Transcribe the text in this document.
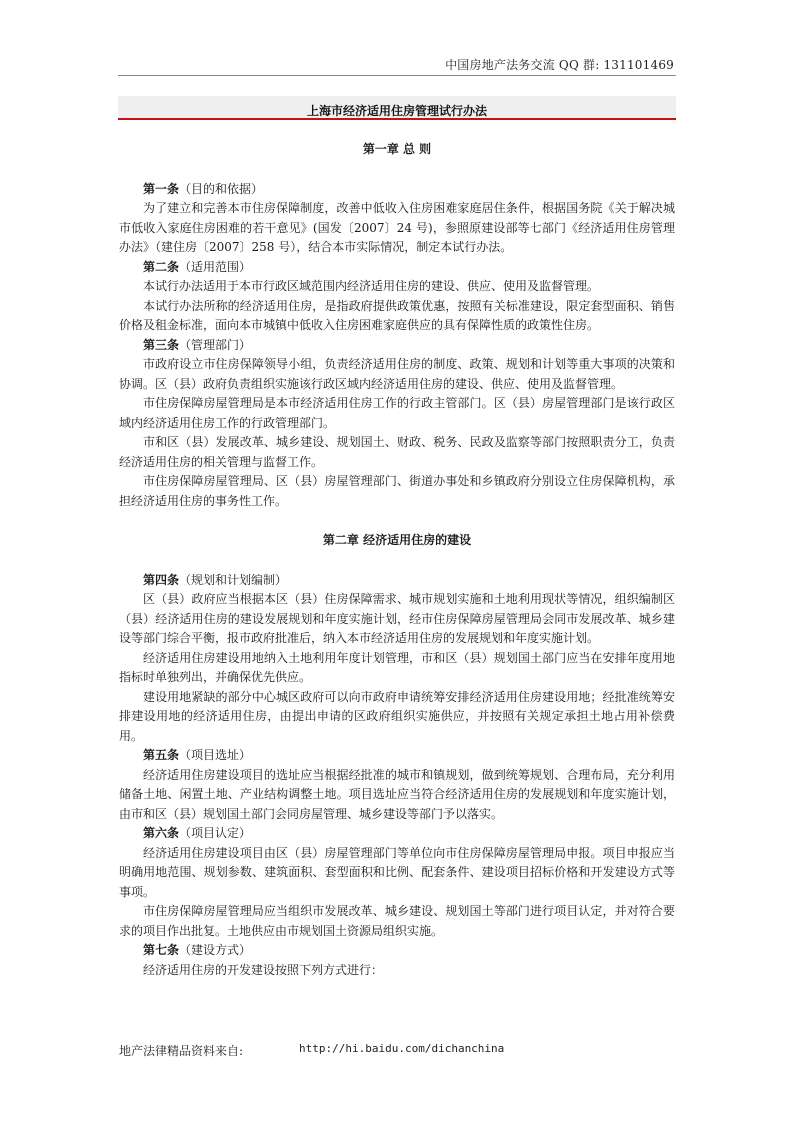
中国房地产法务交流 QQ 群: 131101469
上海市经济适用住房管理试行办法
第一章 总 则
第一条（目的和依据）

为了建立和完善本市住房保障制度，改善中低收入住房困难家庭居住条件，根据国务院《关于解决城市低收入家庭住房困难的若干意见》(国发〔2007〕24 号)，参照原建设部等七部门《经济适用住房管理办法》（建住房〔2007〕258 号），结合本市实际情况，制定本试行办法。

第二条（适用范围）

本试行办法适用于本市行政区域范围内经济适用住房的建设、供应、使用及监督管理。

本试行办法所称的经济适用住房，是指政府提供政策优惠，按照有关标准建设，限定套型面积、销售价格及租金标准，面向本市城镇中低收入住房困难家庭供应的具有保障性质的政策性住房。

第三条（管理部门）

市政府设立市住房保障领导小组，负责经济适用住房的制度、政策、规划和计划等重大事项的决策和协调。区（县）政府负责组织实施该行政区域内经济适用住房的建设、供应、使用及监督管理。

市住房保障房屋管理局是本市经济适用住房工作的行政主管部门。区（县）房屋管理部门是该行政区域内经济适用住房工作的行政管理部门。

市和区（县）发展改革、城乡建设、规划国土、财政、税务、民政及监察等部门按照职责分工，负责经济适用住房的相关管理与监督工作。

市住房保障房屋管理局、区（县）房屋管理部门、街道办事处和乡镇政府分别设立住房保障机构，承担经济适用住房的事务性工作。

第二章 经济适用住房的建设
第四条（规划和计划编制）

区（县）政府应当根据本区（县）住房保障需求、城市规划实施和土地利用现状等情况，组织编制区（县）经济适用住房的建设发展规划和年度实施计划，经市住房保障房屋管理局会同市发展改革、城乡建设等部门综合平衡，报市政府批准后，纳入本市经济适用住房的发展规划和年度实施计划。

经济适用住房建设用地纳入土地利用年度计划管理，市和区（县）规划国土部门应当在安排年度用地指标时单独列出，并确保优先供应。

建设用地紧缺的部分中心城区政府可以向市政府申请统筹安排经济适用住房建设用地；经批准统筹安排建设用地的经济适用住房，由提出申请的区政府组织实施供应，并按照有关规定承担土地占用补偿费用。

第五条（项目选址）

经济适用住房建设项目的选址应当根据经批准的城市和镇规划，做到统筹规划、合理布局，充分利用储备土地、闲置土地、产业结构调整土地。项目选址应当符合经济适用住房的发展规划和年度实施计划，由市和区（县）规划国土部门会同房屋管理、城乡建设等部门予以落实。

第六条（项目认定）

经济适用住房建设项目由区（县）房屋管理部门等单位向市住房保障房屋管理局申报。项目申报应当明确用地范围、规划参数、建筑面积、套型面积和比例、配套条件、建设项目招标价格和开发建设方式等事项。

市住房保障房屋管理局应当组织市发展改革、城乡建设、规划国土等部门进行项目认定，并对符合要求的项目作出批复。土地供应由市规划国土资源局组织实施。

第七条（建设方式）

经济适用住房的开发建设按照下列方式进行：

地产法律精品资料来自:	http://hi.baidu.com/dichanchina
